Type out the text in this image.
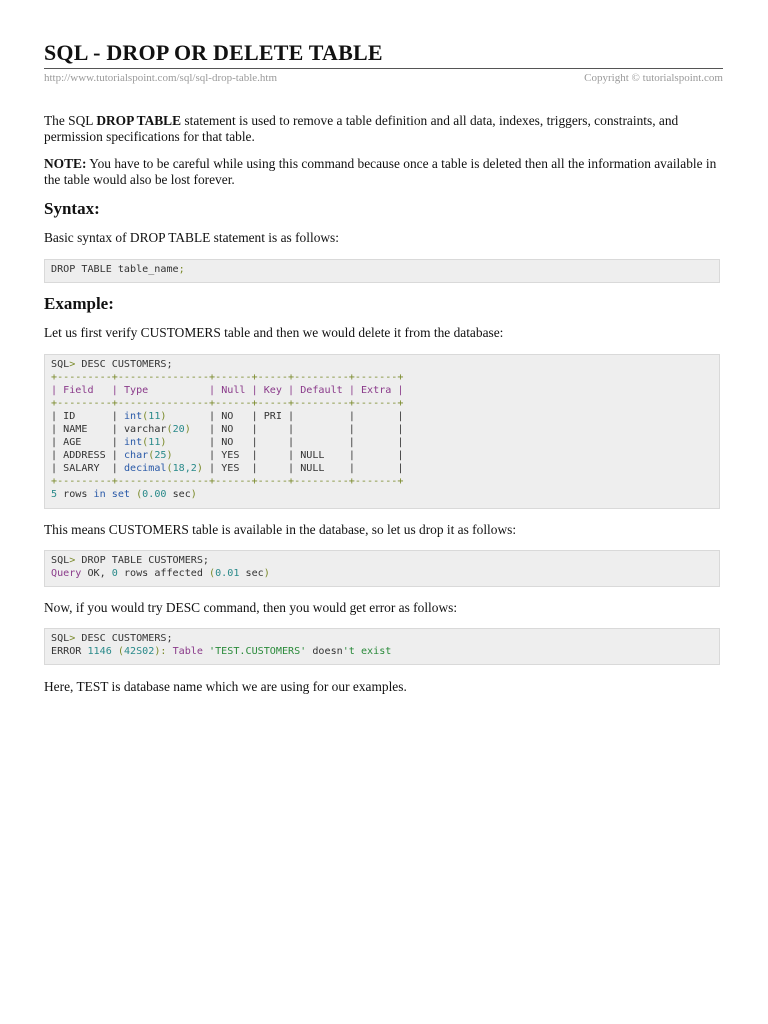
SQL - DROP OR DELETE TABLE
http://www.tutorialspoint.com/sql/sql-drop-table.htm	Copyright © tutorialspoint.com
The SQL DROP TABLE statement is used to remove a table definition and all data, indexes, triggers, constraints, and permission specifications for that table.
NOTE: You have to be careful while using this command because once a table is deleted then all the information available in the table would also be lost forever.
Syntax:
Basic syntax of DROP TABLE statement is as follows:
DROP TABLE table_name;
Example:
Let us first verify CUSTOMERS table and then we would delete it from the database:
SQL> DESC CUSTOMERS;
+---------+---------------+------+-----+---------+-------+
| Field   | Type          | Null | Key | Default | Extra |
+---------+---------------+------+-----+---------+-------+
| ID      | int(11)       | NO   | PRI |         |       |
| NAME    | varchar(20)   | NO   |     |         |       |
| AGE     | int(11)       | NO   |     |         |       |
| ADDRESS | char(25)      | YES  |     | NULL    |       |
| SALARY  | decimal(18,2) | YES  |     | NULL    |       |
+---------+---------------+------+-----+---------+-------+
5 rows in set (0.00 sec)
This means CUSTOMERS table is available in the database, so let us drop it as follows:
SQL> DROP TABLE CUSTOMERS;
Query OK, 0 rows affected (0.01 sec)
Now, if you would try DESC command, then you would get error as follows:
SQL> DESC CUSTOMERS;
ERROR 1146 (42S02): Table 'TEST.CUSTOMERS' doesn't exist
Here, TEST is database name which we are using for our examples.
